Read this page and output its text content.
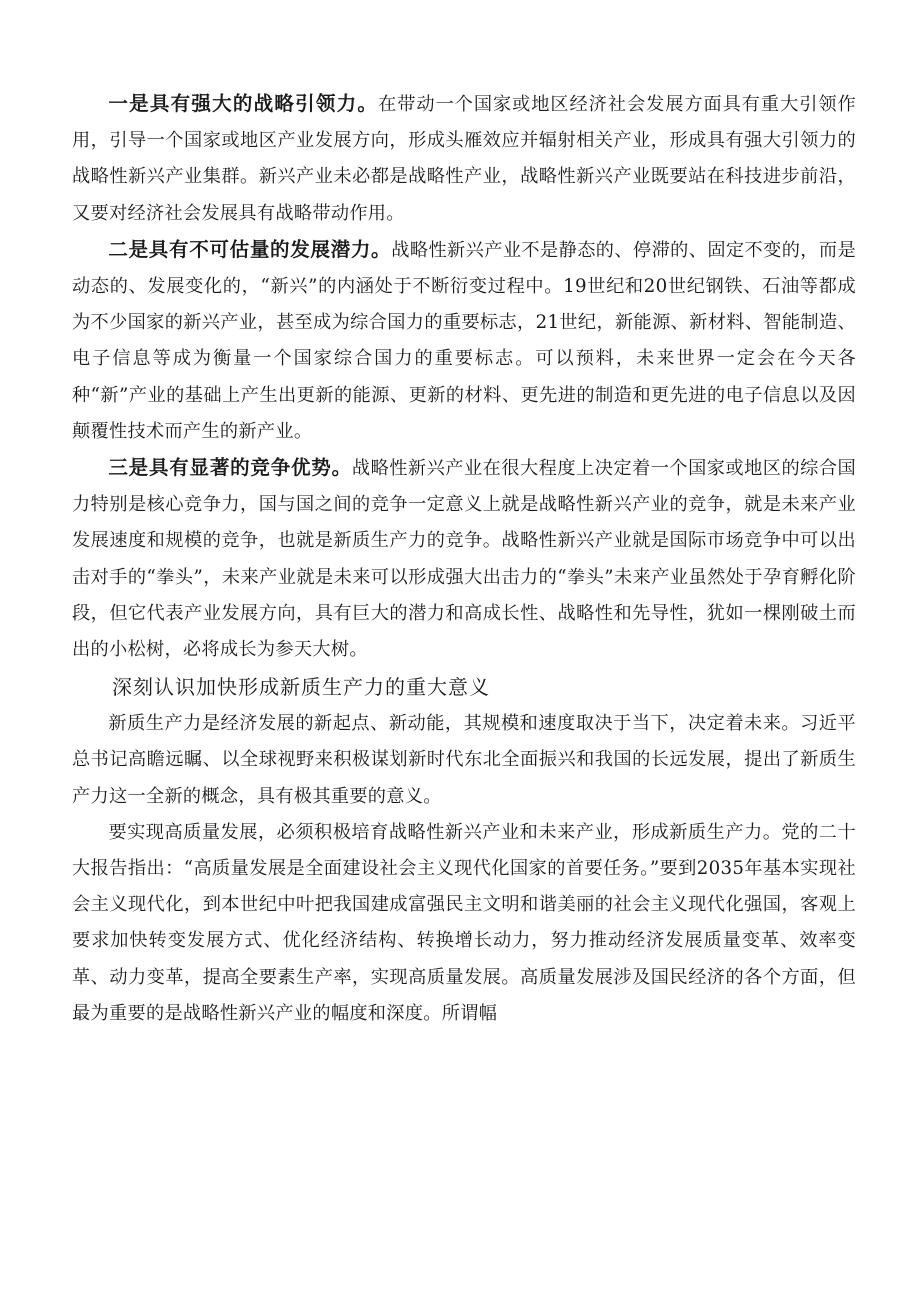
一是具有强大的战略引领力。在带动一个国家或地区经济社会发展方面具有重大引领作用，引导一个国家或地区产业发展方向，形成头雁效应并辐射相关产业，形成具有强大引领力的战略性新兴产业集群。新兴产业未必都是战略性产业，战略性新兴产业既要站在科技进步前沿，又要对经济社会发展具有战略带动作用。

二是具有不可估量的发展潜力。战略性新兴产业不是静态的、停滞的、固定不变的，而是动态的、发展变化的，“新兴”的内涵处于不断衍变过程中。19世纪和20世纪钢铁、石油等都成为不少国家的新兴产业，甚至成为综合国力的重要标志，21世纪，新能源、新材料、智能制造、电子信息等成为衡量一个国家综合国力的重要标志。可以预料，未来世界一定会在今天各种“新”产业的基础上产生出更新的能源、更新的材料、更先进的制造和更先进的电子信息以及因颠覆性技术而产生的新产业。

三是具有显著的竞争优势。战略性新兴产业在很大程度上决定着一个国家或地区的综合国力特别是核心竞争力，国与国之间的竞争一定意义上就是战略性新兴产业的竞争，就是未来产业发展速度和规模的竞争，也就是新质生产力的竞争。战略性新兴产业就是国际市场竞争中可以出击对手的“拳头”，未来产业就是未来可以形成强大出击力的“拳头”未来产业虽然处于孕育孵化阶段，但它代表产业发展方向，具有巨大的潜力和高成长性、战略性和先导性，犹如一棵刚破土而出的小松树，必将成长为参天大树。

深刻认识加快形成新质生产力的重大意义

新质生产力是经济发展的新起点、新动能，其规模和速度取决于当下，决定着未来。习近平总书记高瞻远瞩、以全球视野来积极谋划新时代东北全面振兴和我国的长远发展，提出了新质生产力这一全新的概念，具有极其重要的意义。

要实现高质量发展，必须积极培育战略性新兴产业和未来产业，形成新质生产力。党的二十大报告指出：“高质量发展是全面建设社会主义现代化国家的首要任务。”要到2035年基本实现社会主义现代化，到本世纪中叶把我国建成富强民主文明和谐美丽的社会主义现代化强国，客观上要求加快转变发展方式、优化经济结构、转换增长动力，努力推动经济发展质量变革、效率变革、动力变革，提高全要素生产率，实现高质量发展。高质量发展涉及国民经济的各个方面，但最为重要的是战略性新兴产业的幅度和深度。所谓幅
